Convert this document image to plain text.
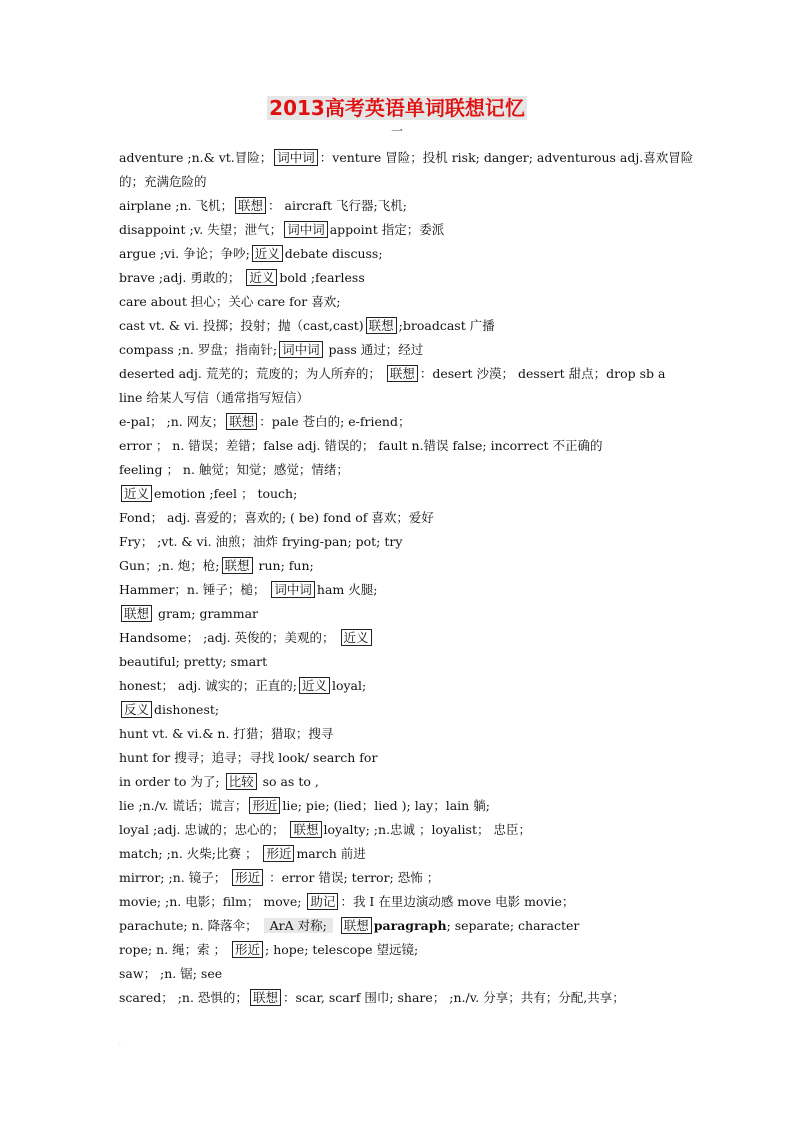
2013高考英语单词联想记忆
一
adventure ;n.& vt.冒险； 词中词 ：venture 冒险；投机 risk; danger; adventurous adj.喜欢冒险
的；充满危险的
airplane ;n. 飞机； 联想 ： aircraft 飞行器;飞机;
disappoint ;v. 失望；泄气； 词中词 appoint 指定；委派
argue ;vi. 争论；争吵; 近义 debate discuss;
brave ;adj. 勇敢的； 近义 bold ;fearless
care about 担心；关心 care for 喜欢;
cast vt. & vi. 投掷；投射；抛（cast,cast) 联想 ;broadcast 广播
compass ;n. 罗盘；指南针; 词中词 pass 通过；经过
deserted adj. 荒芜的；荒废的；为人所弃的； 联想 ：desert 沙漠； dessert 甜点；drop sb a
line 给某人写信（通常指写短信）
e-pal； ;n. 网友； 联想 ：pale 苍白的; e-friend；
error ； n. 错误；差错；false adj. 错误的； fault n.错误 false; incorrect 不正确的
feeling ； n. 触觉；知觉；感觉；情绪；
近义 emotion ;feel ； touch;
Fond； adj. 喜爱的；喜欢的; ( be) fond of 喜欢；爱好
Fry； ;vt. & vi. 油煎；油炸 frying-pan; pot; try
Gun；;n. 炮；枪; 联想 run; fun;
Hammer；n. 锤子；槌； 词中词 ham 火腿;
联想 gram; grammar
Handsome； ;adj. 英俊的；美观的； 近义
beautiful; pretty; smart
honest； adj. 诚实的；正直的; 近义 loyal;
反义 dishonest;
hunt vt. & vi.& n. 打猎；猎取；搜寻
hunt for 搜寻；追寻；寻找 look/ search for
in order to 为了; 比较 so as to ,
lie ;n./v. 谎话；谎言； 形近 lie; pie; (lied；lied ); lay；lain 躺;
loyal ;adj. 忠诚的；忠心的； 联想 loyalty; ;n.忠诚 ；loyalist； 忠臣；
match; ;n. 火柴;比赛 ； 形近 march 前进
mirror; ;n. 镜子； 形近 ：error 错误; terror; 恐怖 ；
movie; ;n. 电影；film； move; 助记 ：我 I 在里边演动感 move 电影 movie；
parachute; n. 降落伞； ArA 对称; 联想 paragraph; separate; character
rope; n. 绳；索 ； 形近 ; hope; telescope 望远镜;
saw； ;n. 锯; see
scared； ;n. 恐惧的； 联想 ：scar, scarf 围巾; share； ;n./v. 分享；共有；分配,共享；
.
